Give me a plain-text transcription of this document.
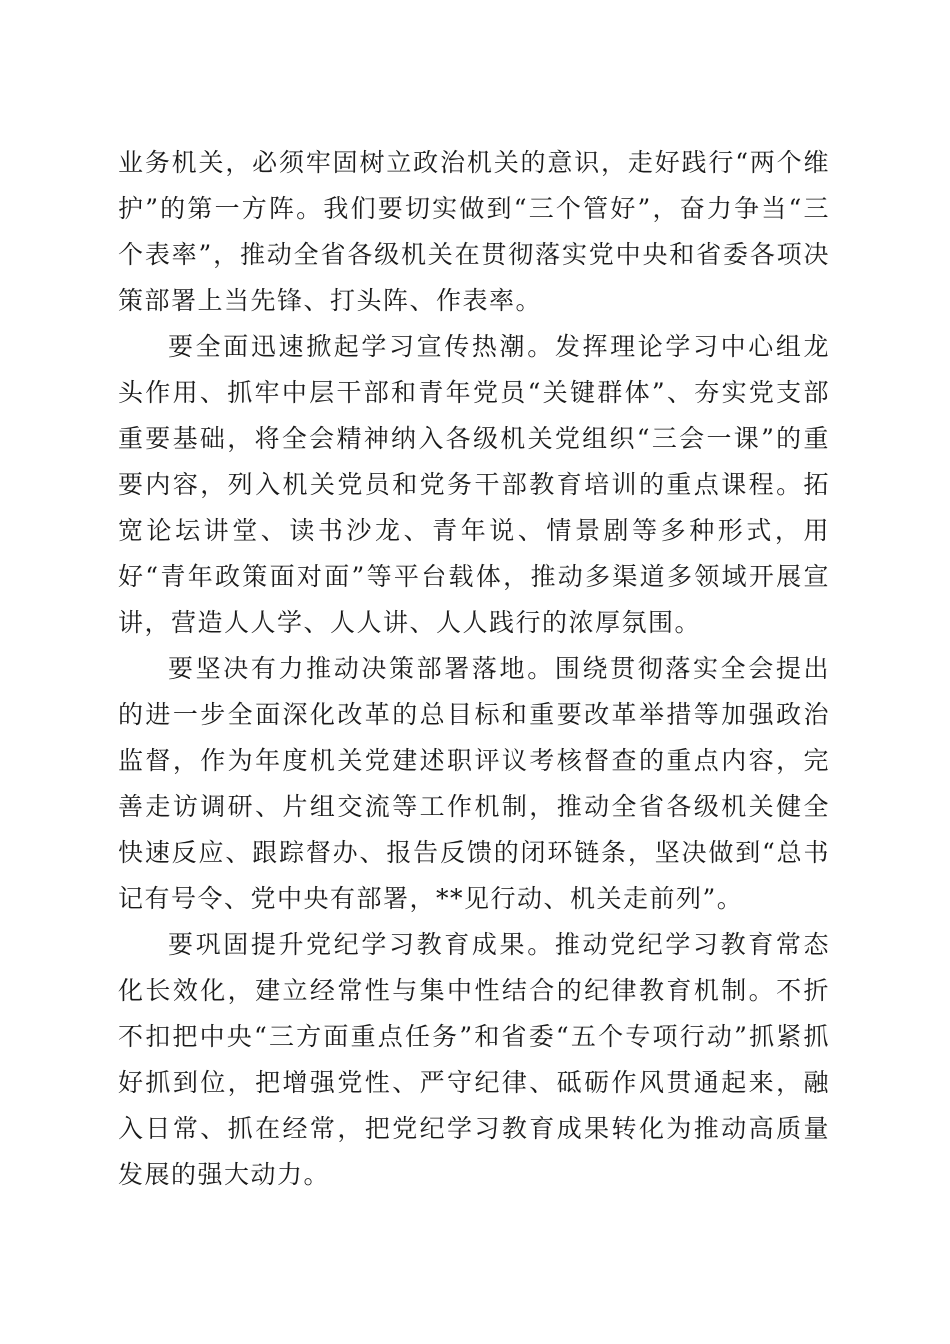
业务机关，必须牢固树立政治机关的意识，走好践行“两个维护”的第一方阵。我们要切实做到“三个管好”，奋力争当“三个表率”，推动全省各级机关在贯彻落实党中央和省委各项决策部署上当先锋、打头阵、作表率。

要全面迅速掀起学习宣传热潮。发挥理论学习中心组龙头作用、抓牢中层干部和青年党员“关键群体”、夯实党支部重要基础，将全会精神纳入各级机关党组织“三会一课”的重要内容，列入机关党员和党务干部教育培训的重点课程。拓宽论坛讲堂、读书沙龙、青年说、情景剧等多种形式，用好“青年政策面对面”等平台载体，推动多渠道多领域开展宣讲，营造人人学、人人讲、人人践行的浓厚氛围。

要坚决有力推动决策部署落地。围绕贯彻落实全会提出的进一步全面深化改革的总目标和重要改革举措等加强政治监督，作为年度机关党建述职评议考核督查的重点内容，完善走访调研、片组交流等工作机制，推动全省各级机关健全快速反应、跟踪督办、报告反馈的闭环链条，坚决做到“总书记有号令、党中央有部署，**见行动、机关走前列”。

要巩固提升党纪学习教育成果。推动党纪学习教育常态化长效化，建立经常性与集中性结合的纪律教育机制。不折不扣把中央“三方面重点任务”和省委“五个专项行动”抓紧抓好抓到位，把增强党性、严守纪律、砥砺作风贯通起来，融入日常、抓在经常，把党纪学习教育成果转化为推动高质量发展的强大动力。
